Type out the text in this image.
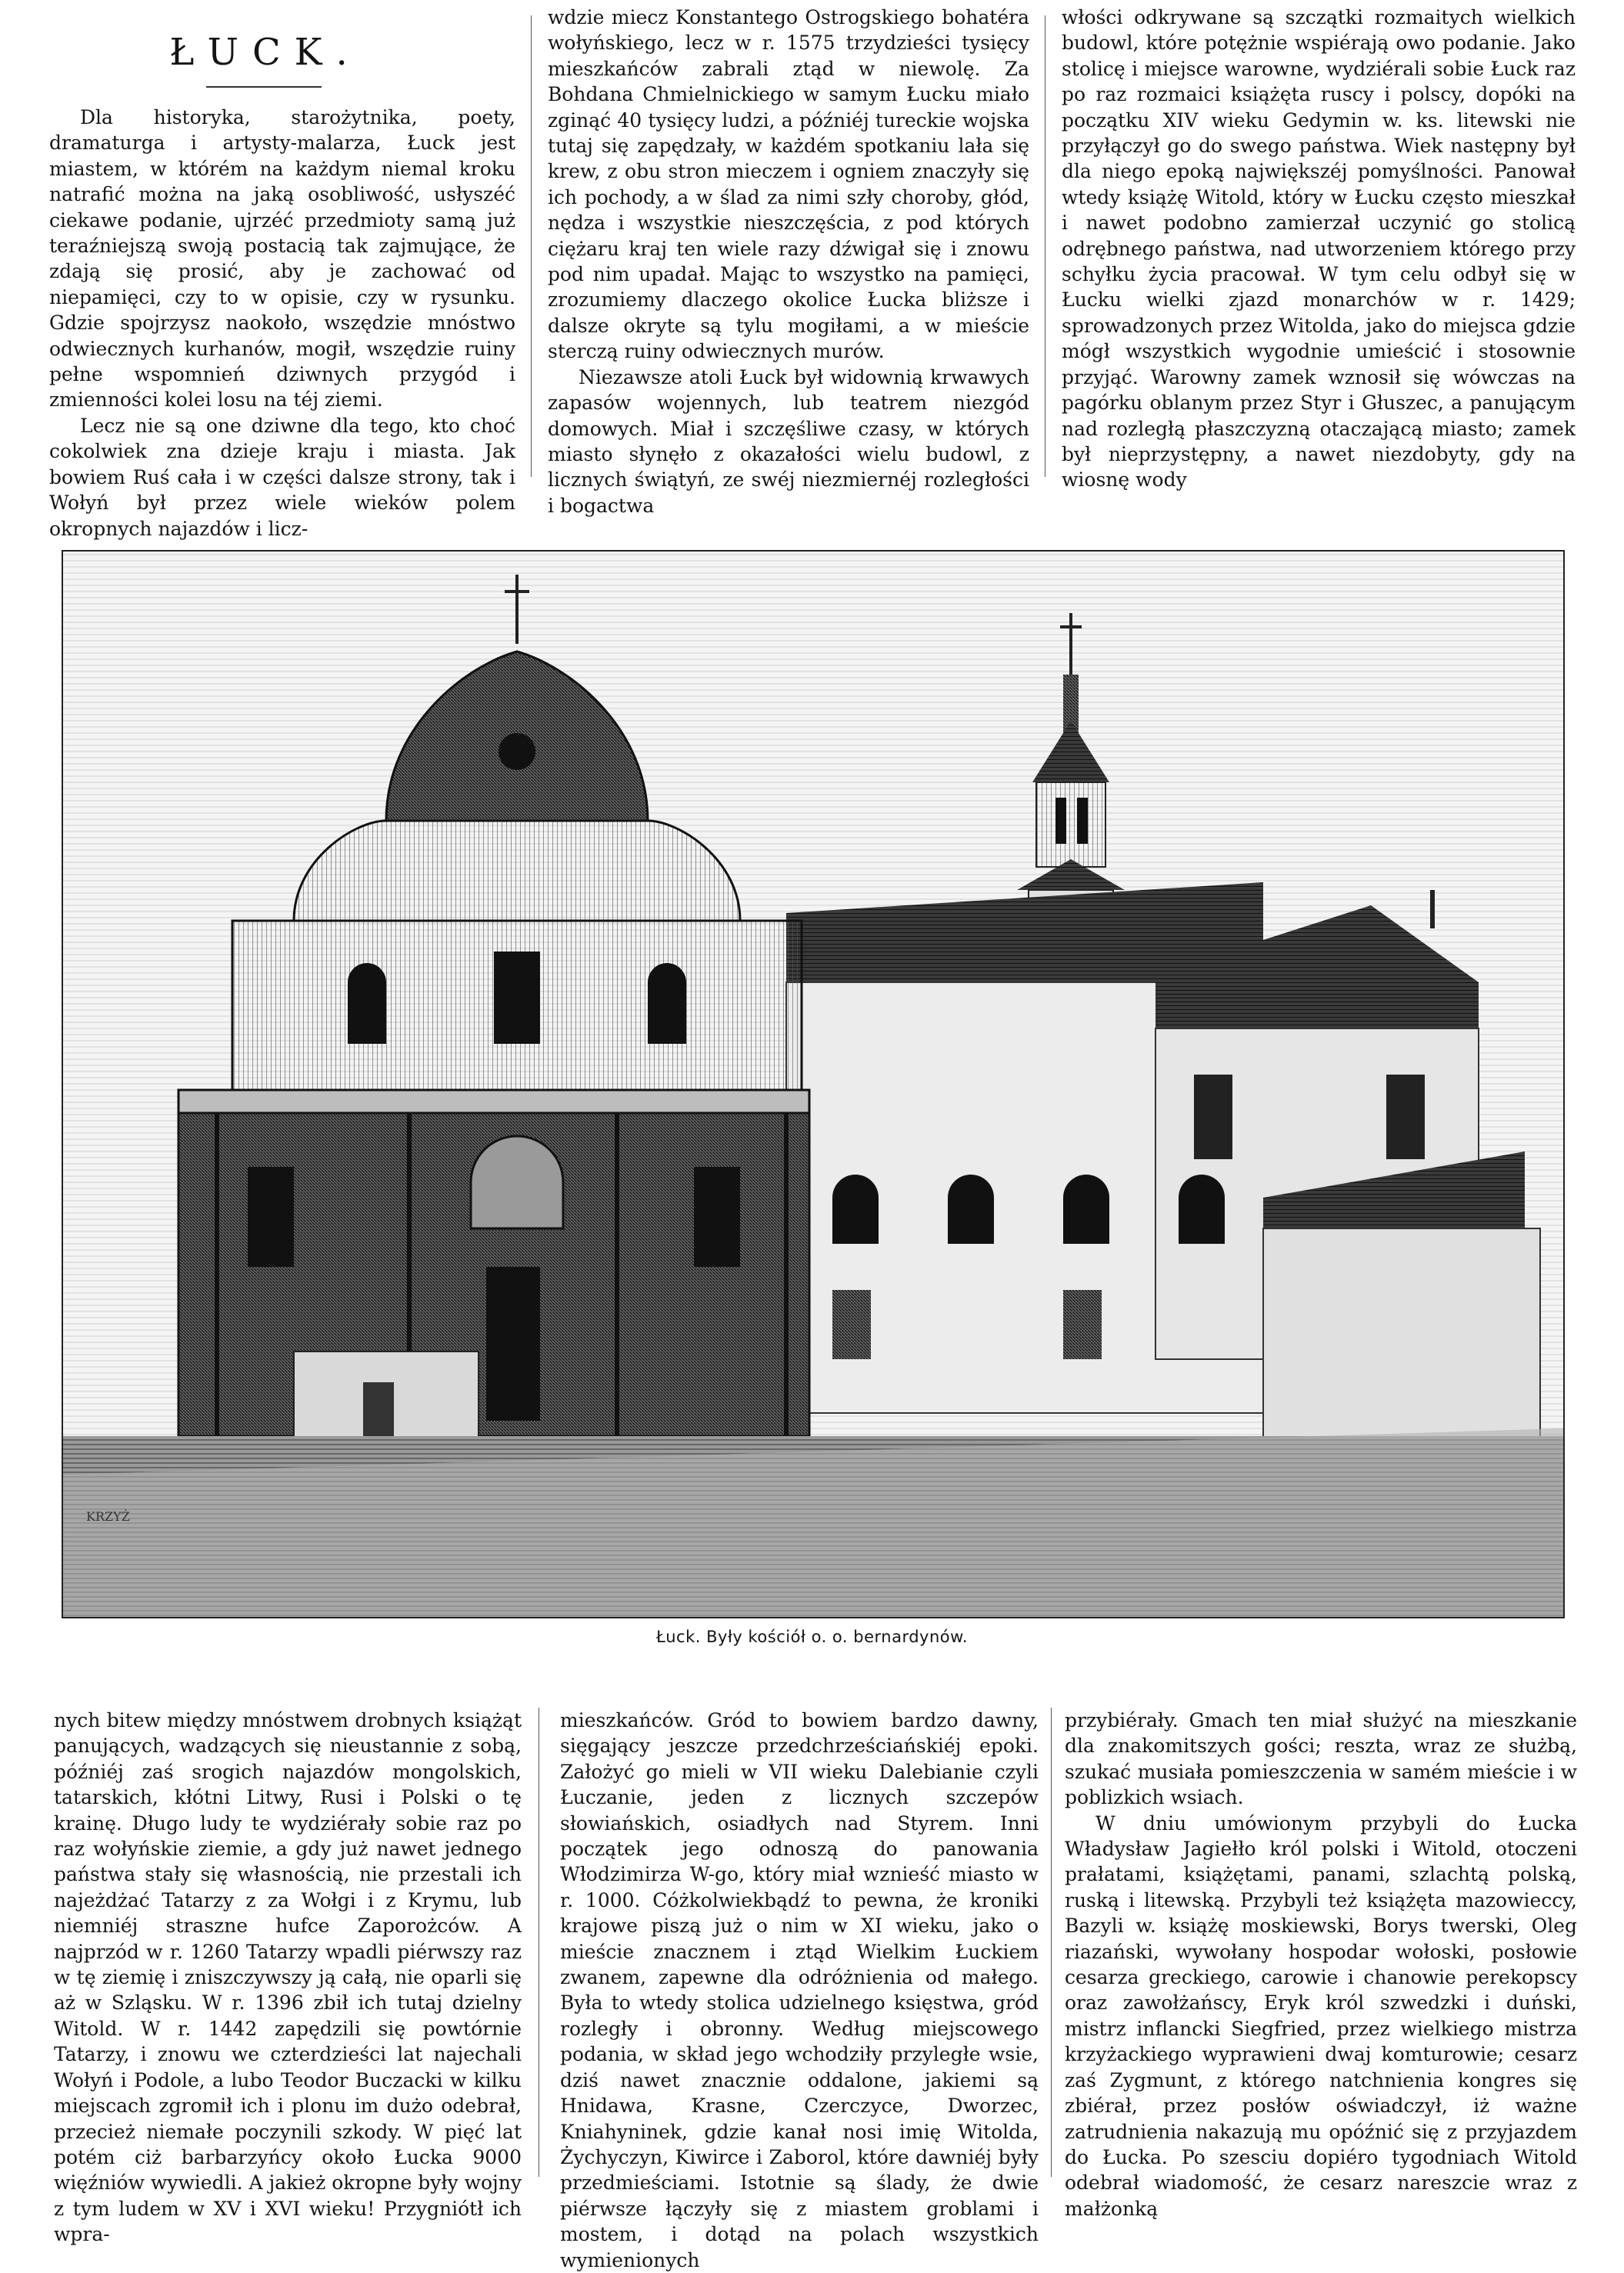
ŁUCK.

Dla historyka, starożytnika, poety, dramaturga i artysty-malarza, Łuck jest miastem, w którém na każdym niemal kroku natrafić można na jaką osobliwość, usłyszéć ciekawe podanie, ujrzéć przedmioty samą już teraźniejszą swoją postacią tak zajmujące, że zdają się prosić, aby je zachować od niepamięci, czy to w opisie, czy w rysunku. Gdzie spojrzysz naokoło, wszędzie mnóstwo odwiecznych kurhanów, mogił, wszędzie ruiny pełne wspomnień dziwnych przygód i zmienności kolei losu na téj ziemi.

Lecz nie są one dziwne dla tego, kto choć cokolwiek zna dzieje kraju i miasta. Jak bowiem Ruś cała i w części dalsze strony, tak i Wołyń był przez wiele wieków polem okropnych najazdów i licz-

wdzie miecz Konstantego Ostrogskiego bohatéra wołyńskiego, lecz w r. 1575 trzydzieści tysięcy mieszkańców zabrali ztąd w niewolę. Za Bohdana Chmielnickiego w samym Łucku miało zginąć 40 tysięcy ludzi, a późniéj tureckie wojska tutaj się zapędzały, w każdém spotkaniu lała się krew, z obu stron mieczem i ogniem znaczyły się ich pochody, a w ślad za nimi szły choroby, głód, nędza i wszystkie nieszczęścia, z pod których ciężaru kraj ten wiele razy dźwigał się i znowu pod nim upadał. Mając to wszystko na pamięci, zrozumiemy dlaczego okolice Łucka bliższe i dalsze okryte są tylu mogiłami, a w mieście sterczą ruiny odwiecznych murów.

Niezawsze atoli Łuck był widownią krwawych zapasów wojennych, lub teatrem niezgód domowych. Miał i szczęśliwe czasy, w których miasto słynęło z okazałości wielu budowl, z licznych świątyń, ze swéj niezmiernéj rozległości i bogactwa

włości odkrywane są szczątki rozmaitych wielkich budowl, które potężnie wspiérają owo podanie. Jako stolicę i miejsce warowne, wydziérali sobie Łuck raz po raz rozmaici książęta ruscy i polscy, dopóki na początku XIV wieku Gedymin w. ks. litewski nie przyłączył go do swego państwa. Wiek następny był dla niego epoką największéj pomyślności. Panował wtedy książę Witold, który w Łucku często mieszkał i nawet podobno zamierzał uczynić go stolicą odrębnego państwa, nad utworzeniem którego przy schyłku życia pracował. W tym celu odbył się w Łucku wielki zjazd monarchów w r. 1429; sprowadzonych przez Witolda, jako do miejsca gdzie mógł wszystkich wygodnie umieścić i stosownie przyjąć. Warowny zamek wznosił się wówczas na pagórku oblanym przez Styr i Głuszec, a panującym nad rozległą płaszczyzną otaczającą miasto; zamek był nieprzystępny, a nawet niezdobyty, gdy na wiosnę wody

KRZYŻ
Łuck. Były kościół o. o. bernardynów.

nych bitew między mnóstwem drobnych książąt panujących, wadzących się nieustannie z sobą, późniéj zaś srogich najazdów mongolskich, tatarskich, kłótni Litwy, Rusi i Polski o tę krainę. Długo ludy te wydziérały sobie raz po raz wołyńskie ziemie, a gdy już nawet jednego państwa stały się własnością, nie przestali ich najeżdżać Tatarzy z za Wołgi i z Krymu, lub niemniéj straszne hufce Zaporożców. A najprzód w r. 1260 Tatarzy wpadli piérwszy raz w tę ziemię i zniszczywszy ją całą, nie oparli się aż w Szląsku. W r. 1396 zbił ich tutaj dzielny Witold. W r. 1442 zapędzili się powtórnie Tatarzy, i znowu we czterdzieści lat najechali Wołyń i Podole, a lubo Teodor Buczacki w kilku miejscach zgromił ich i plonu im dużo odebrał, przecież niemałe poczynili szkody. W pięć lat potém ciż barbarzyńcy około Łucka 9000 więźniów wywiedli. A jakież okropne były wojny z tym ludem w XV i XVI wieku! Przygniótł ich wpra-

mieszkańców. Gród to bowiem bardzo dawny, sięgający jeszcze przedchrześciańskiéj epoki. Założyć go mieli w VII wieku Dalebianie czyli Łuczanie, jeden z licznych szczepów słowiańskich, osiadłych nad Styrem. Inni początek jego odnoszą do panowania Włodzimirza W-go, który miał wznieść miasto w r. 1000. Cóżkolwiekbądź to pewna, że kroniki krajowe piszą już o nim w XI wieku, jako o mieście znacznem i ztąd Wielkim Łuckiem zwanem, zapewne dla odróżnienia od małego. Była to wtedy stolica udzielnego księstwa, gród rozległy i obronny. Według miejscowego podania, w skład jego wchodziły przyległe wsie, dziś nawet znacznie oddalone, jakiemi są Hnidawa, Krasne, Czerczyce, Dworzec, Kniahyninek, gdzie kanał nosi imię Witolda, Żychyczyn, Kiwirce i Zaborol, które dawniéj były przedmieściami. Istotnie są ślady, że dwie piérwsze łączyły się z miastem groblami i mostem, i dotąd na polach wszystkich wymienionych

przybiérały. Gmach ten miał służyć na mieszkanie dla znakomitszych gości; reszta, wraz ze służbą, szukać musiała pomieszczenia w samém mieście i w poblizkich wsiach.

W dniu umówionym przybyli do Łucka Władysław Jagiełło król polski i Witold, otoczeni prałatami, książętami, panami, szlachtą polską, ruską i litewską. Przybyli też książęta mazowieccy, Bazyli w. książę moskiewski, Borys twerski, Oleg riazański, wywołany hospodar wołoski, posłowie cesarza greckiego, carowie i chanowie perekopscy oraz zawołżańscy, Eryk król szwedzki i duński, mistrz inflancki Siegfried, przez wielkiego mistrza krzyżackiego wyprawieni dwaj komturowie; cesarz zaś Zygmunt, z którego natchnienia kongres się zbiérał, przez posłów oświadczył, iż ważne zatrudnienia nakazują mu opóźnić się z przyjazdem do Łucka. Po szesciu dopiéro tygodniach Witold odebrał wiadomość, że cesarz nareszcie wraz z małżonką
